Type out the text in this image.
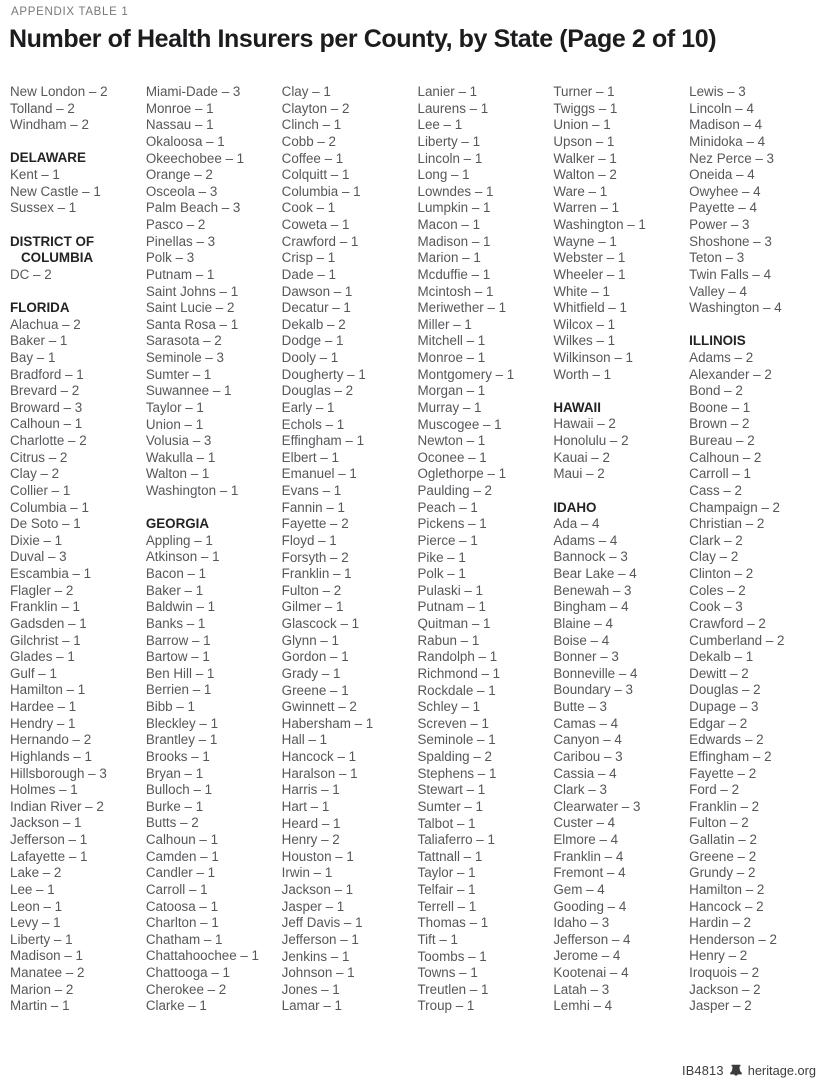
APPENDIX TABLE 1
Number of Health Insurers per County, by State (Page 2 of 10)
New London – 2
Tolland – 2
Windham – 2
DELAWARE
Kent – 1
New Castle – 1
Sussex – 1
DISTRICT OF COLUMBIA
DC – 2
FLORIDA
Alachua – 2
Baker – 1
Bay – 1
Bradford – 1
Brevard – 2
Broward – 3
Calhoun – 1
Charlotte – 2
Citrus – 2
Clay – 2
Collier – 1
Columbia – 1
De Soto – 1
Dixie – 1
Duval – 3
Escambia – 1
Flagler – 2
Franklin – 1
Gadsden – 1
Gilchrist – 1
Glades – 1
Gulf – 1
Hamilton – 1
Hardee – 1
Hendry – 1
Hernando – 2
Highlands – 1
Hillsborough – 3
Holmes – 1
Indian River – 2
Jackson – 1
Jefferson – 1
Lafayette – 1
Lake – 2
Lee – 1
Leon – 1
Levy – 1
Liberty – 1
Madison – 1
Manatee – 2
Marion – 2
Martin – 1
Miami-Dade – 3
Monroe – 1
Nassau – 1
Okaloosa – 1
Okeechobee – 1
Orange – 2
Osceola – 3
Palm Beach – 3
Pasco – 2
Pinellas – 3
Polk – 3
Putnam – 1
Saint Johns – 1
Saint Lucie – 2
Santa Rosa – 1
Sarasota – 2
Seminole – 3
Sumter – 1
Suwannee – 1
Taylor – 1
Union – 1
Volusia – 3
Wakulla – 1
Walton – 1
Washington – 1
GEORGIA
Appling – 1
Atkinson – 1
Bacon – 1
Baker – 1
Baldwin – 1
Banks – 1
Barrow – 1
Bartow – 1
Ben Hill – 1
Berrien – 1
Bibb – 1
Bleckley – 1
Brantley – 1
Brooks – 1
Bryan – 1
Bulloch – 1
Burke – 1
Butts – 2
Calhoun – 1
Camden – 1
Candler – 1
Carroll – 1
Catoosa – 1
Charlton – 1
Chatham – 1
Chattahoochee – 1
Chattooga – 1
Cherokee – 2
Clarke – 1
Clay – 1
Clayton – 2
Clinch – 1
Cobb – 2
Coffee – 1
Colquitt – 1
Columbia – 1
Cook – 1
Coweta – 1
Crawford – 1
Crisp – 1
Dade – 1
Dawson – 1
Decatur – 1
Dekalb – 2
Dodge – 1
Dooly – 1
Dougherty – 1
Douglas – 2
Early – 1
Echols – 1
Effingham – 1
Elbert – 1
Emanuel – 1
Evans – 1
Fannin – 1
Fayette – 2
Floyd – 1
Forsyth – 2
Franklin – 1
Fulton – 2
Gilmer – 1
Glascock – 1
Glynn – 1
Gordon – 1
Grady – 1
Greene – 1
Gwinnett – 2
Habersham – 1
Hall – 1
Hancock – 1
Haralson – 1
Harris – 1
Hart – 1
Heard – 1
Henry – 2
Houston – 1
Irwin – 1
Jackson – 1
Jasper – 1
Jeff Davis – 1
Jefferson – 1
Jenkins – 1
Johnson – 1
Jones – 1
Lamar – 1
Lanier – 1
Laurens – 1
Lee – 1
Liberty – 1
Lincoln – 1
Long – 1
Lowndes – 1
Lumpkin – 1
Macon – 1
Madison – 1
Marion – 1
Mcduffie – 1
Mcintosh – 1
Meriwether – 1
Miller – 1
Mitchell – 1
Monroe – 1
Montgomery – 1
Morgan – 1
Murray – 1
Muscogee – 1
Newton – 1
Oconee – 1
Oglethorpe – 1
Paulding – 2
Peach – 1
Pickens – 1
Pierce – 1
Pike – 1
Polk – 1
Pulaski – 1
Putnam – 1
Quitman – 1
Rabun – 1
Randolph – 1
Richmond – 1
Rockdale – 1
Schley – 1
Screven – 1
Seminole – 1
Spalding – 2
Stephens – 1
Stewart – 1
Sumter – 1
Talbot – 1
Taliaferro – 1
Tattnall – 1
Taylor – 1
Telfair – 1
Terrell – 1
Thomas – 1
Tift – 1
Toombs – 1
Towns – 1
Treutlen – 1
Troup – 1
Turner – 1
Twiggs – 1
Union – 1
Upson – 1
Walker – 1
Walton – 2
Ware – 1
Warren – 1
Washington – 1
Wayne – 1
Webster – 1
Wheeler – 1
White – 1
Whitfield – 1
Wilcox – 1
Wilkes – 1
Wilkinson – 1
Worth – 1
HAWAII
Hawaii – 2
Honolulu – 2
Kauai – 2
Maui – 2
IDAHO
Ada – 4
Adams – 4
Bannock – 3
Bear Lake – 4
Benewah – 3
Bingham – 4
Blaine – 4
Boise – 4
Bonner – 3
Bonneville – 4
Boundary – 3
Butte – 3
Camas – 4
Canyon – 4
Caribou – 3
Cassia – 4
Clark – 3
Clearwater – 3
Custer – 4
Elmore – 4
Franklin – 4
Fremont – 4
Gem – 4
Gooding – 4
Idaho – 3
Jefferson – 4
Jerome – 4
Kootenai – 4
Latah – 3
Lemhi – 4
Lewis – 3
Lincoln – 4
Madison – 4
Minidoka – 4
Nez Perce – 3
Oneida – 4
Owyhee – 4
Payette – 4
Power – 3
Shoshone – 3
Teton – 3
Twin Falls – 4
Valley – 4
Washington – 4
ILLINOIS
Adams – 2
Alexander – 2
Bond – 2
Boone – 1
Brown – 2
Bureau – 2
Calhoun – 2
Carroll – 1
Cass – 2
Champaign – 2
Christian – 2
Clark – 2
Clay – 2
Clinton – 2
Coles – 2
Cook – 3
Crawford – 2
Cumberland – 2
Dekalb – 1
Dewitt – 2
Douglas – 2
Dupage – 3
Edgar – 2
Edwards – 2
Effingham – 2
Fayette – 2
Ford – 2
Franklin – 2
Fulton – 2
Gallatin – 2
Greene – 2
Grundy – 2
Hamilton – 2
Hancock – 2
Hardin – 2
Henderson – 2
Henry – 2
Iroquois – 2
Jackson – 2
Jasper – 2
IB4813 heritage.org
